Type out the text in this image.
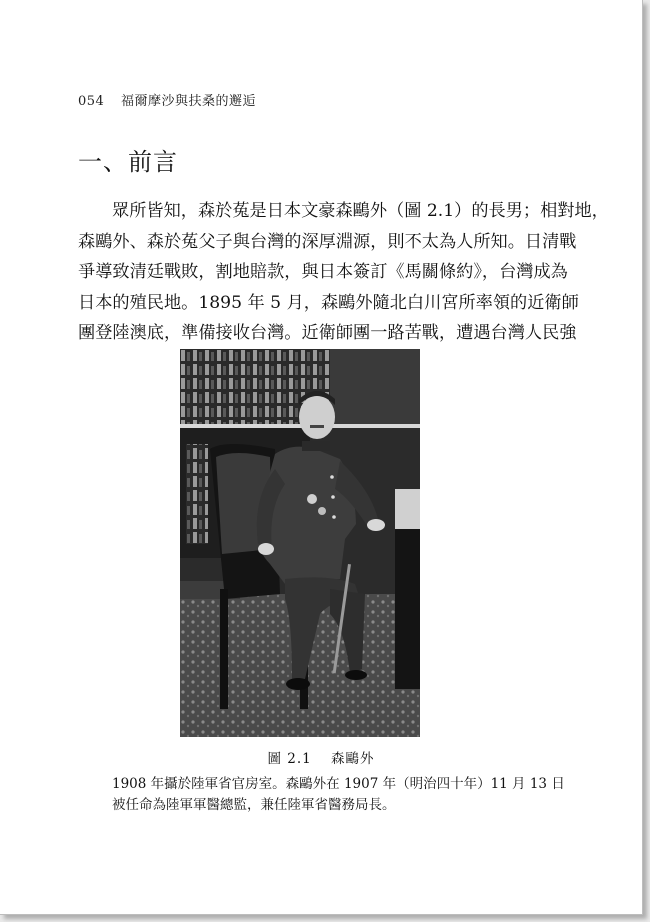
054 福爾摩沙與扶桑的邂逅
一、前言
眾所皆知，森於菟是日本文豪森鷗外（圖 2.1）的長男；相對地，
森鷗外、森於菟父子與台灣的深厚淵源，則不太為人所知。日清戰
爭導致清廷戰敗，割地賠款，與日本簽訂《馬關條約》，台灣成為
日本的殖民地。1895 年 5 月，森鷗外隨北白川宮所率領的近衛師
團登陸澳底，準備接收台灣。近衛師團一路苦戰，遭遇台灣人民強
圖 2.1 森鷗外
1908 年攝於陸軍省官房室。森鷗外在 1907 年（明治四十年）11 月 13 日
被任命為陸軍軍醫總監，兼任陸軍省醫務局長。
